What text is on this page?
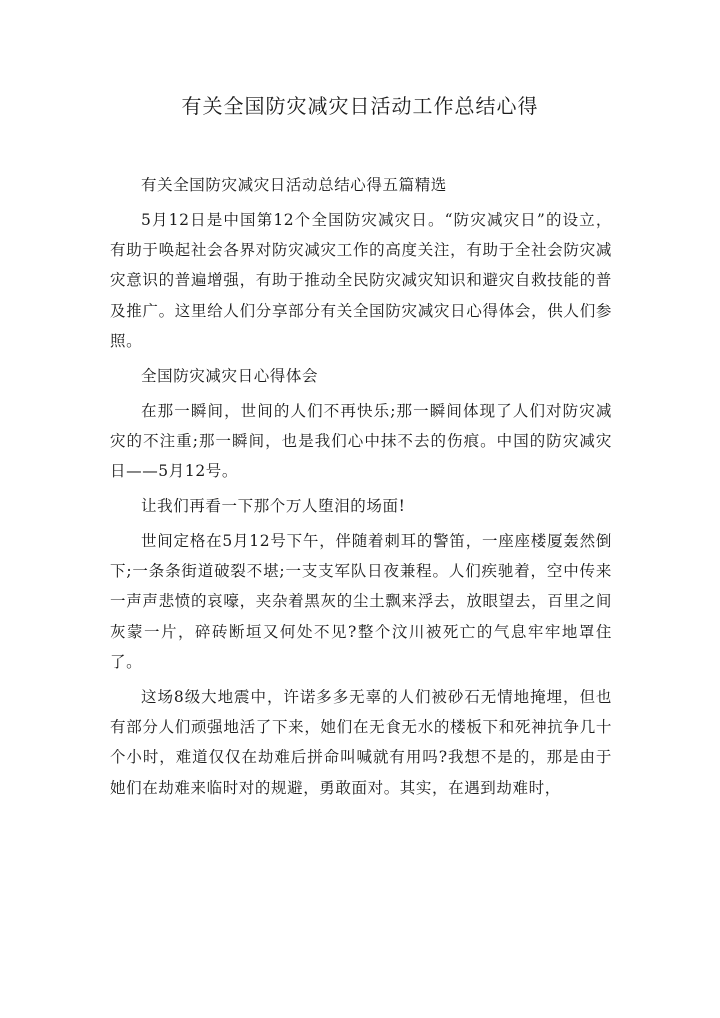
有关全国防灾减灾日活动工作总结心得

有关全国防灾减灾日活动总结心得五篇精选

5月12日是中国第12个全国防灾减灾日。“防灾减灾日”的设立，有助于唤起社会各界对防灾减灾工作的高度关注，有助于全社会防灾减灾意识的普遍增强，有助于推动全民防灾减灾知识和避灾自救技能的普及推广。这里给人们分享部分有关全国防灾减灾日心得体会，供人们参照。

全国防灾减灾日心得体会

在那一瞬间，世间的人们不再快乐;那一瞬间体现了人们对防灾减灾的不注重;那一瞬间，也是我们心中抹不去的伤痕。中国的防灾减灾日——5月12号。

让我们再看一下那个万人堕泪的场面!

世间定格在5月12号下午，伴随着刺耳的警笛，一座座楼厦轰然倒下;一条条街道破裂不堪;一支支军队日夜兼程。人们疾驰着，空中传来一声声悲愤的哀嚎，夹杂着黑灰的尘土飘来浮去，放眼望去，百里之间灰蒙一片，碎砖断垣又何处不见?整个汶川被死亡的气息牢牢地罩住了。

这场8级大地震中，许诺多多无辜的人们被砂石无情地掩埋，但也有部分人们顽强地活了下来，她们在无食无水的楼板下和死神抗争几十个小时，难道仅仅在劫难后拼命叫喊就有用吗?我想不是的，那是由于她们在劫难来临时对的规避，勇敢面对。其实，在遇到劫难时，
